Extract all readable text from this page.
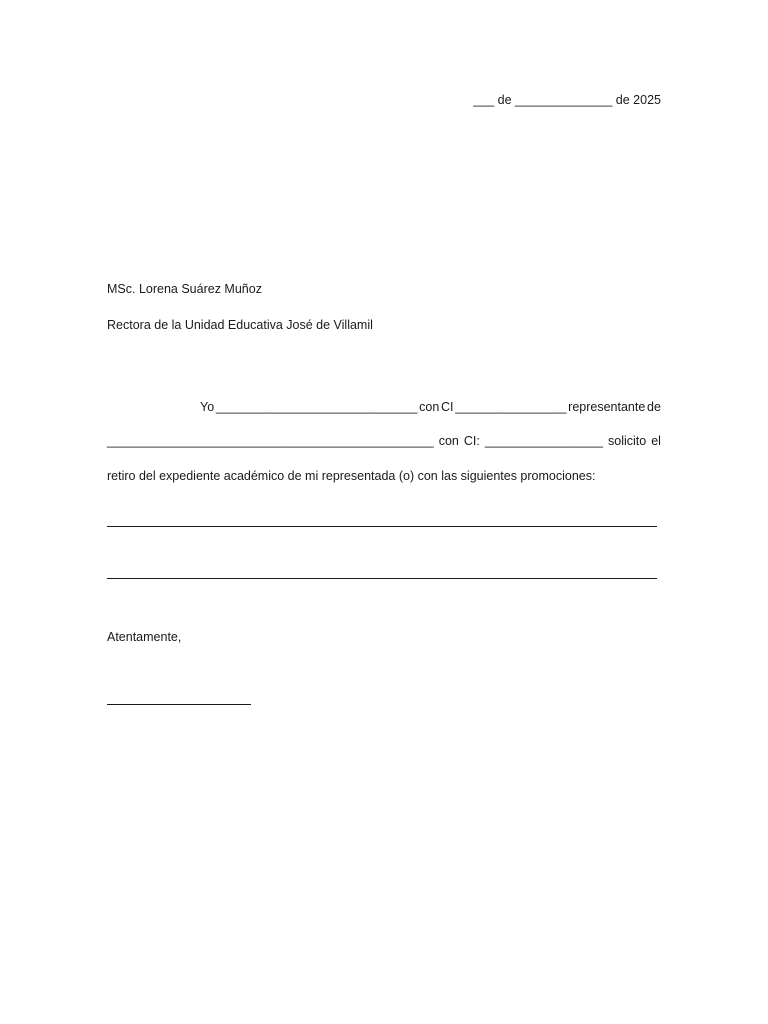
___ de ______________ de 2025
MSc. Lorena Suárez Muñoz
Rectora de la Unidad Educativa José de Villamil
Yo _____________________________ con CI ________________ representante de
_______________________________________________ con CI: _________________ solicito el
retiro del expediente académico de mi representada (o) con las siguientes promociones:
Atentamente,
